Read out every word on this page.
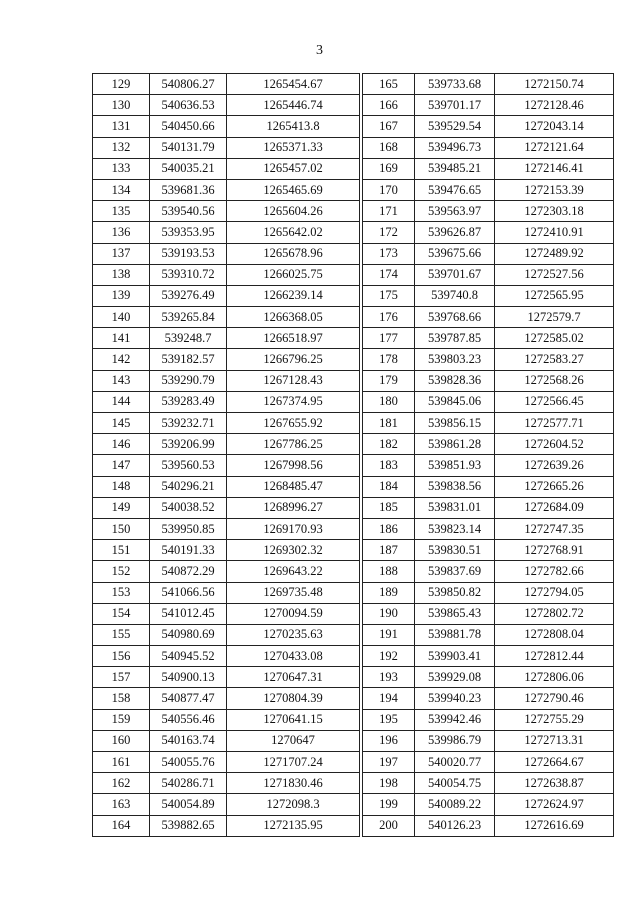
3
129	540806.27	1265454.67
130	540636.53	1265446.74
131	540450.66	1265413.8
132	540131.79	1265371.33
133	540035.21	1265457.02
134	539681.36	1265465.69
135	539540.56	1265604.26
136	539353.95	1265642.02
137	539193.53	1265678.96
138	539310.72	1266025.75
139	539276.49	1266239.14
140	539265.84	1266368.05
141	539248.7	1266518.97
142	539182.57	1266796.25
143	539290.79	1267128.43
144	539283.49	1267374.95
145	539232.71	1267655.92
146	539206.99	1267786.25
147	539560.53	1267998.56
148	540296.21	1268485.47
149	540038.52	1268996.27
150	539950.85	1269170.93
151	540191.33	1269302.32
152	540872.29	1269643.22
153	541066.56	1269735.48
154	541012.45	1270094.59
155	540980.69	1270235.63
156	540945.52	1270433.08
157	540900.13	1270647.31
158	540877.47	1270804.39
159	540556.46	1270641.15
160	540163.74	1270647
161	540055.76	1271707.24
162	540286.71	1271830.46
163	540054.89	1272098.3
164	539882.65	1272135.95
165	539733.68	1272150.74
166	539701.17	1272128.46
167	539529.54	1272043.14
168	539496.73	1272121.64
169	539485.21	1272146.41
170	539476.65	1272153.39
171	539563.97	1272303.18
172	539626.87	1272410.91
173	539675.66	1272489.92
174	539701.67	1272527.56
175	539740.8	1272565.95
176	539768.66	1272579.7
177	539787.85	1272585.02
178	539803.23	1272583.27
179	539828.36	1272568.26
180	539845.06	1272566.45
181	539856.15	1272577.71
182	539861.28	1272604.52
183	539851.93	1272639.26
184	539838.56	1272665.26
185	539831.01	1272684.09
186	539823.14	1272747.35
187	539830.51	1272768.91
188	539837.69	1272782.66
189	539850.82	1272794.05
190	539865.43	1272802.72
191	539881.78	1272808.04
192	539903.41	1272812.44
193	539929.08	1272806.06
194	539940.23	1272790.46
195	539942.46	1272755.29
196	539986.79	1272713.31
197	540020.77	1272664.67
198	540054.75	1272638.87
199	540089.22	1272624.97
200	540126.23	1272616.69
